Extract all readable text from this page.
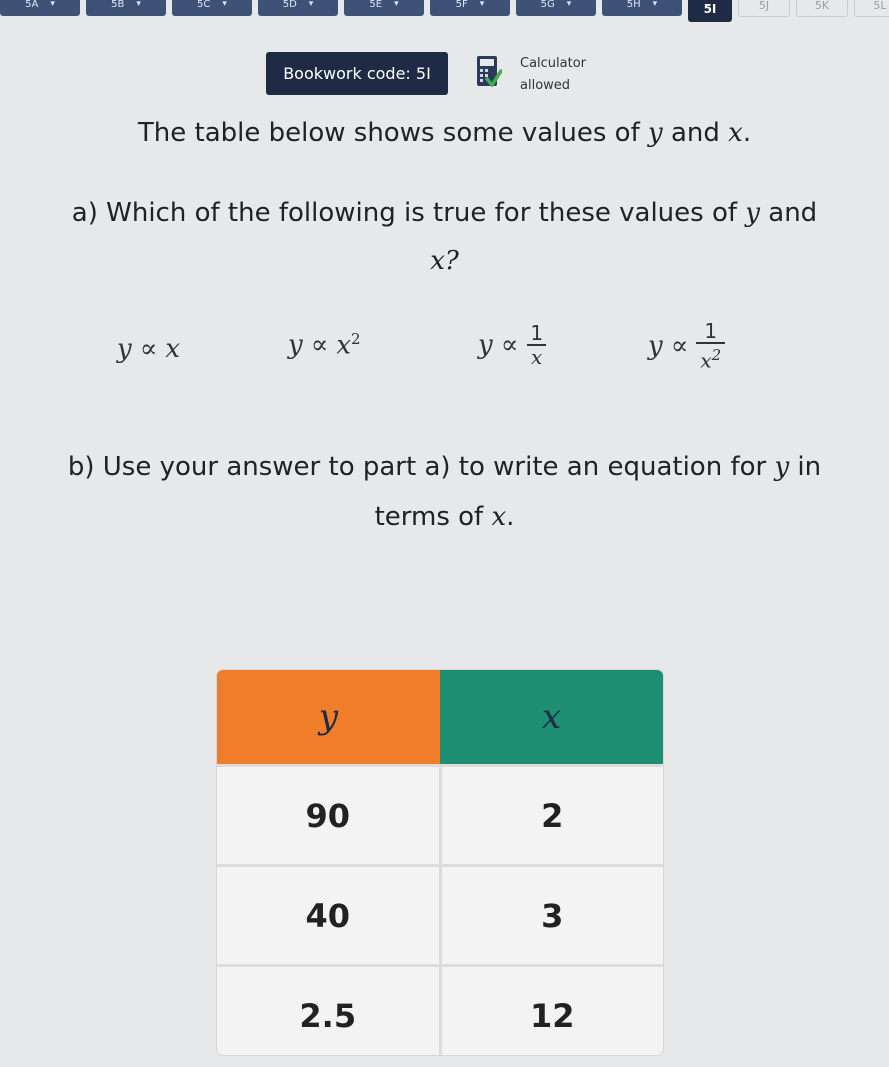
5A ▾	5B ▾	5C ▾	5D ▾	5E ▾	5F ▾	5G ▾	5H ▾	5I	5J	5K	5L
Bookwork code: 5I
Calculator
allowed
The table below shows some values of y and x.
a) Which of the following is true for these values of y and
x?
y ∝ x	$y \propto x^2$	$y \propto \frac{1}{x}$	$y \propto \frac{1}{x^2}$
b) Use your answer to part a) to write an equation for y in
terms of x.
y	x
90	2
40	3
2.5	12
